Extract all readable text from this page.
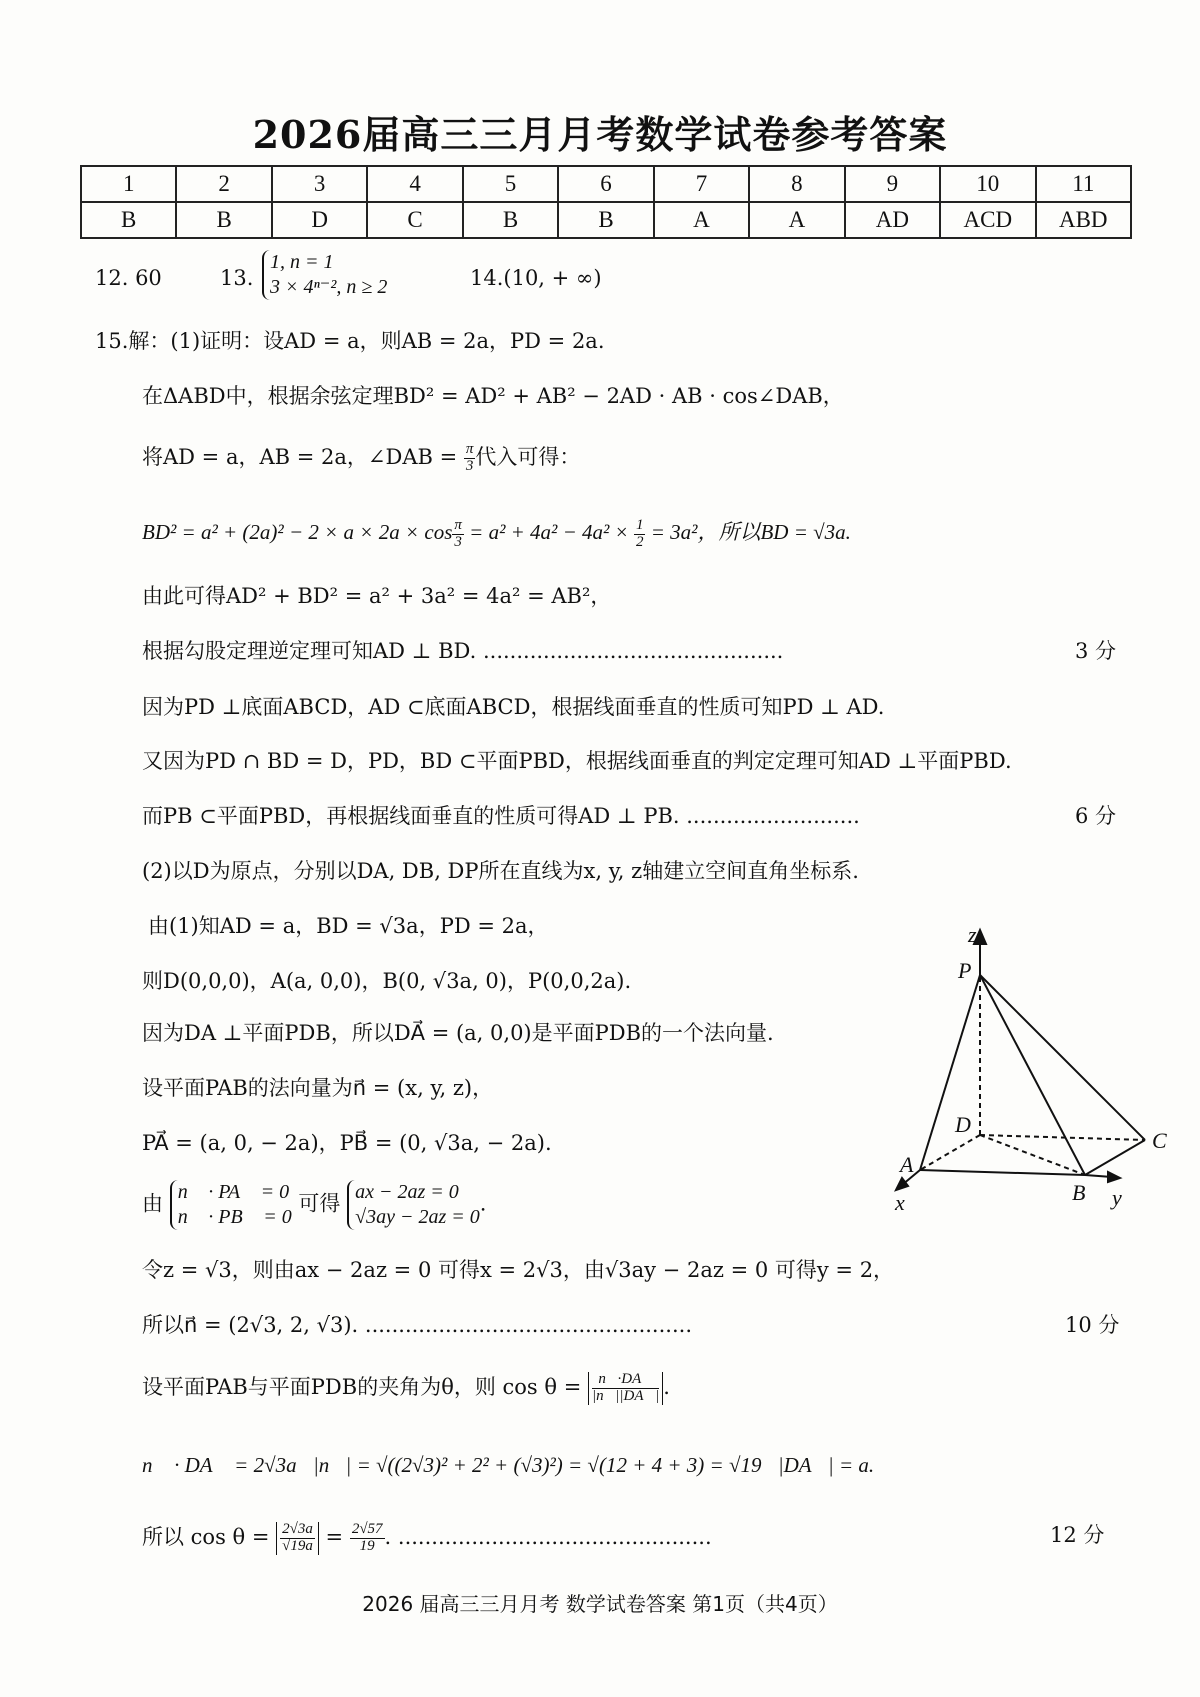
2026届高三三月月考数学试卷参考答案
1	2	3	4	5	6	7	8	9	10	11
B	B	D	C	B	B	A	A	AD	ACD	ABD
12. 60	13.
1, n = 1
3 × 4ⁿ⁻², n ≥ 2	14.(10, + ∞)
15.解：(1)证明：设AD = a，则AB = 2a，PD = 2a.
在ΔABD中，根据余弦定理BD² = AD² + AB² − 2AD · AB · cos∠DAB，
将AD = a，AB = 2a，∠DAB = $\frac{\pi}{3}$ 代入可得：
$BD^2 = a^2 + (2a)^2 - 2 \times a \times 2a \times \cos \frac{\pi}{3} = a^2 + 4a^2 - 4a^2 \times \frac{1}{2} = 3a^2$，所以BD = √3a.
由此可得AD² + BD² = a² + 3a² = 4a² = AB²，
根据勾股定理逆定理可知AD ⊥ BD. .............................................	3 分
因为PD ⊥底面ABCD，AD ⊂底面ABCD，根据线面垂直的性质可知PD ⊥ AD.
又因为PD ∩ BD = D，PD，BD ⊂平面PBD，根据线面垂直的判定定理可知AD ⊥平面PBD.
而PB ⊂平面PBD，再根据线面垂直的性质可得AD ⊥ PB. ..........................	6 分
(2)以D为原点，分别以DA, DB, DP所在直线为x, y, z轴建立空间直角坐标系.
由(1)知AD = a，BD = √3a，PD = 2a，
则D(0,0,0)，A(a, 0,0)，B(0, √3a, 0)，P(0,0,2a).
因为DA ⊥平面PDB，所以DA⃗ = (a, 0,0)是平面PDB的一个法向量.
设平面PAB的法向量为n⃗ = (x, y, z)，
PA⃗ = (a, 0, − 2a)，PB⃗ = (0, √3a, − 2a).
由 n⃗ · PA⃗ = 0
n⃗ · PB⃗ = 0 可得 ax − 2az = 0
√3ay − 2az = 0.
令z = √3，则由ax − 2az = 0 可得x = 2√3，由√3ay − 2az = 0 可得y = 2，
所以n⃗ = (2√3, 2, √3). .................................................	10 分
设平面PAB与平面PDB的夹角为θ，则 $\cos \theta = \frac{n⃗\cdot DA⃗}{|n⃗||DA⃗|}$ .
n⃗ · DA⃗ = 2√3a，|n⃗| = √((2√3)² + 2² + (√3)²) = √(12 + 4 + 3) = √19，|DA⃗| = a.
所以 $\cos \theta = \frac{2√3a}{√19a} = \frac{2√57}{19}$ . ...............................................	12 分
z
P
D
C
A
B
x	y
2026 届高三三月月考 数学试卷答案 第1页（共4页）
